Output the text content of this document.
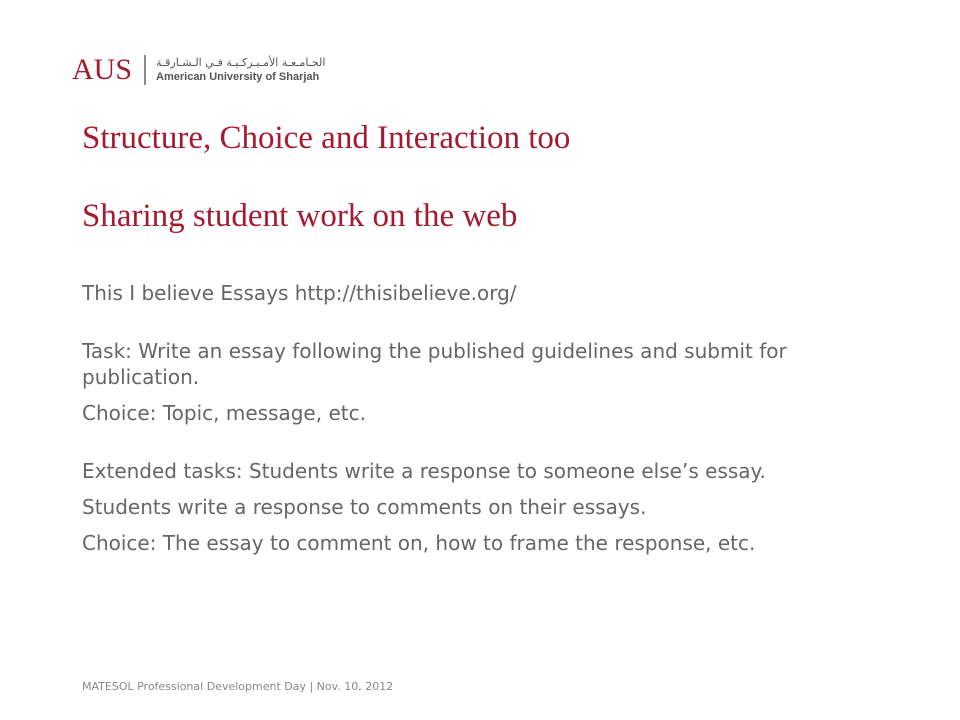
AUS الجـامـعـة الأمـيـركـيـة فـي الـشـارقـة
American University of Sharjah
Structure, Choice and Interaction too
Sharing student work on the web

This I believe Essays http://thisibelieve.org/

Task: Write an essay following the published guidelines and submit for publication.

Choice: Topic, message, etc.

Extended tasks: Students write a response to someone else’s essay.

Students write a response to comments on their essays.

Choice: The essay to comment on, how to frame the response, etc.

MATESOL Professional Development Day | Nov. 10, 2012
